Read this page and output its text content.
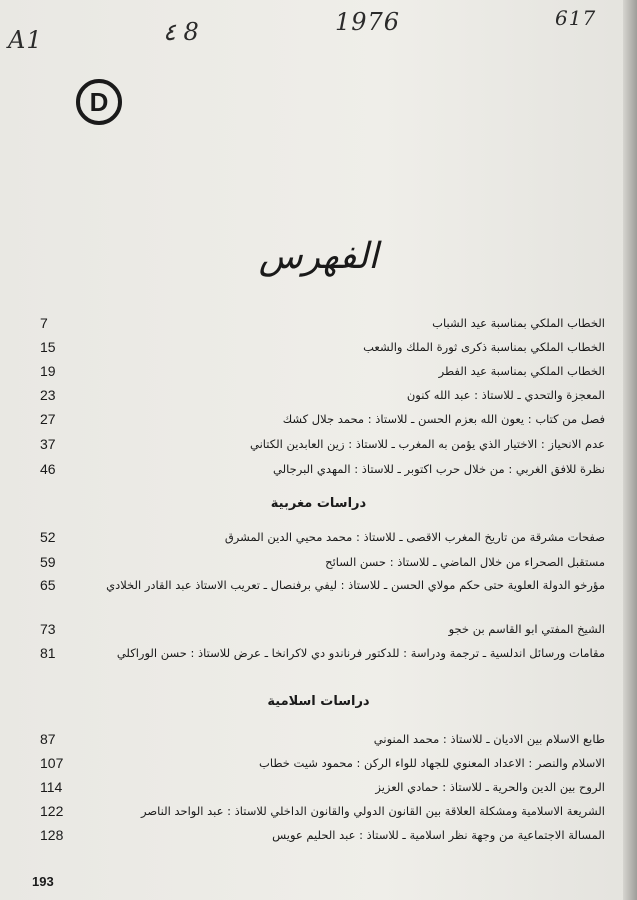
A1	٤ 8	1976	617
D
الفهرس
الخطاب الملكي بمناسبة عيد الشباب
7
الخطاب الملكي بمناسبة ذكرى ثورة الملك والشعب
15
الخطاب الملكي بمناسبة عيد الفطر
19
المعجزة والتحدي ـ للاستاذ : عبد الله كنون
23
فصل من كتاب : يعون الله بعزم الحسن ـ للاستاذ : محمد جلال كشك
27
عدم الانحياز : الاختيار الذي يؤمن به المغرب ـ للاستاذ : زين العابدين الكتاني
37
نظرة للافق الغربي : من خلال حرب اكتوبر ـ للاستاذ : المهدي البرجالي
46
دراسات مغربية
صفحات مشرقة من تاريخ المغرب الاقصى ـ للاستاذ : محمد محيي الدين المشرق
52
مستقبل الصحراء من خلال الماضي ـ للاستاذ : حسن السائح
59
مؤرخو الدولة العلوية حتى حكم مولاي الحسن ـ للاستاذ : ليفي برفنصال ـ تعريب الاستاذ عبد القادر الخلادي
65
الشيخ المفتي ابو القاسم بن خجو
73
مقامات ورسائل اندلسية ـ ترجمة ودراسة : للدكتور فرناندو دي لاكرانخا ـ عرض للاستاذ : حسن الوراكلي
81
دراسات اسلامية
طابع الاسلام بين الاديان ـ للاستاذ : محمد المنوني
87
الاسلام والنصر : الاعداد المعنوي للجهاد للواء الركن : محمود شيت خطاب
107
الروح بين الدين والحرية ـ للاستاذ : حمادي العزيز
114
الشريعة الاسلامية ومشكلة العلاقة بين القانون الدولي والقانون الداخلي للاستاذ : عبد الواحد الناصر
122
المسالة الاجتماعية من وجهة نظر اسلامية ـ للاستاذ : عبد الحليم عويس
128
193
